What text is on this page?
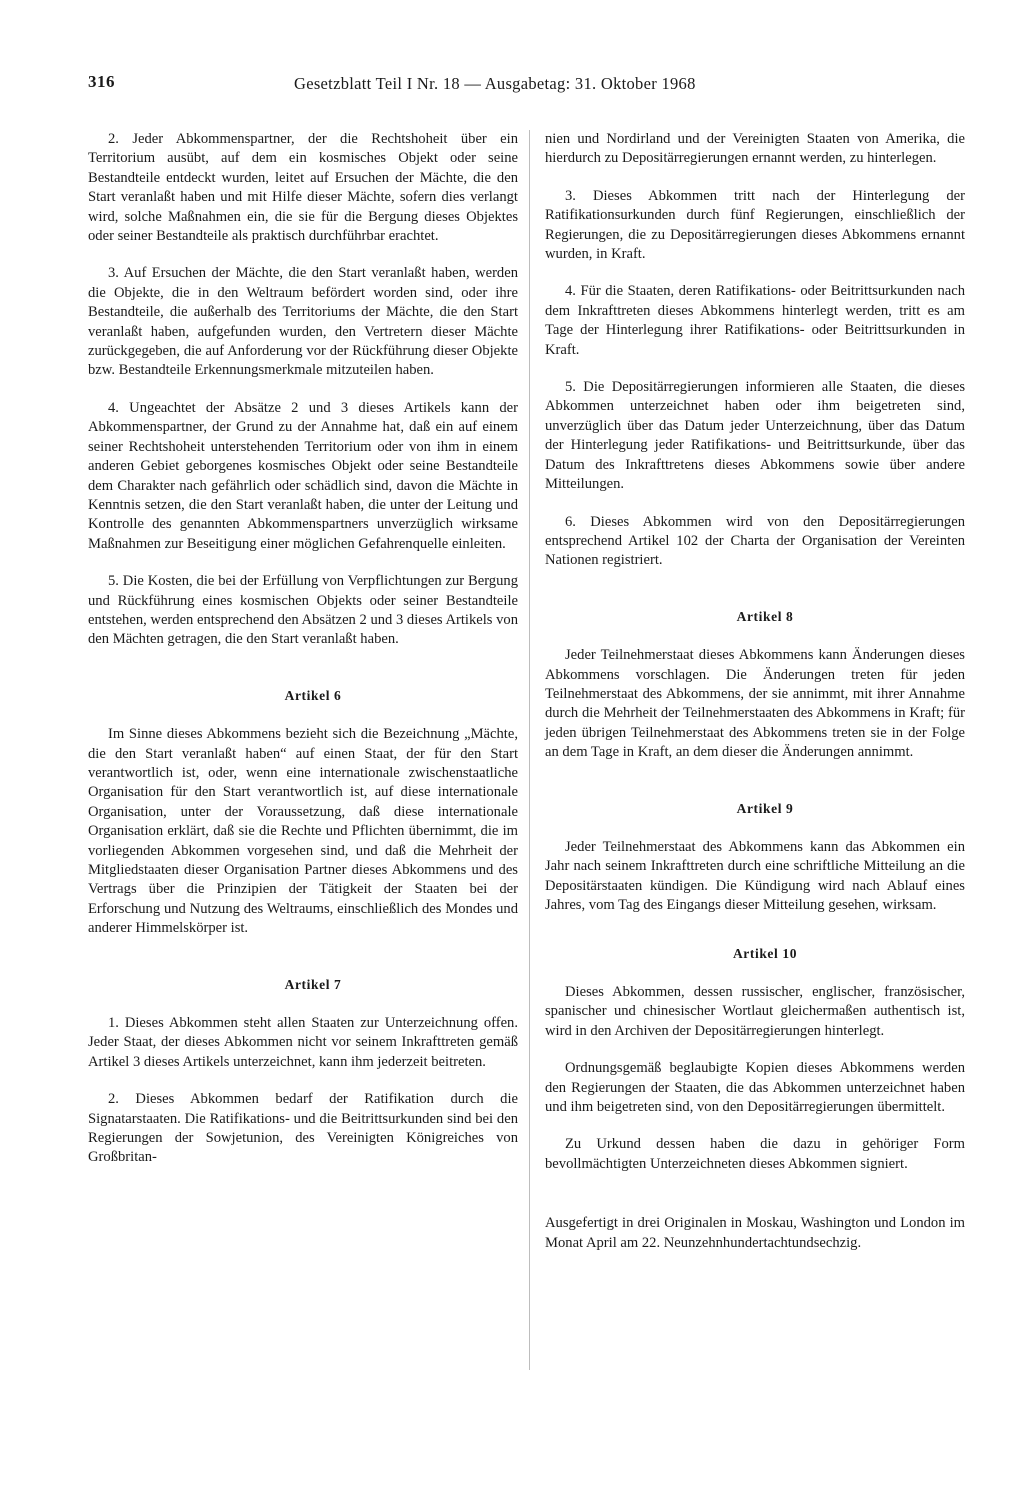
316	Gesetzblatt Teil I Nr. 18 — Ausgabetag: 31. Oktober 1968

2. Jeder Abkommenspartner, der die Rechtshoheit über ein Territorium ausübt, auf dem ein kosmisches Objekt oder seine Bestandteile entdeckt wurden, leitet auf Ersuchen der Mächte, die den Start veranlaßt haben und mit Hilfe dieser Mächte, sofern dies verlangt wird, solche Maßnahmen ein, die sie für die Bergung dieses Objektes oder seiner Bestandteile als praktisch durchführbar erachtet.

3. Auf Ersuchen der Mächte, die den Start veranlaßt haben, werden die Objekte, die in den Weltraum befördert worden sind, oder ihre Bestandteile, die außerhalb des Territoriums der Mächte, die den Start veranlaßt haben, aufgefunden wurden, den Vertretern dieser Mächte zurückgegeben, die auf Anforderung vor der Rückführung dieser Objekte bzw. Bestandteile Erkennungsmerkmale mitzuteilen haben.

4. Ungeachtet der Absätze 2 und 3 dieses Artikels kann der Abkommenspartner, der Grund zu der Annahme hat, daß ein auf einem seiner Rechtshoheit unterstehenden Territorium oder von ihm in einem anderen Gebiet geborgenes kosmisches Objekt oder seine Bestandteile dem Charakter nach gefährlich oder schädlich sind, davon die Mächte in Kenntnis setzen, die den Start veranlaßt haben, die unter der Leitung und Kontrolle des genannten Abkommenspartners unverzüglich wirksame Maßnahmen zur Beseitigung einer möglichen Gefahrenquelle einleiten.

5. Die Kosten, die bei der Erfüllung von Verpflichtungen zur Bergung und Rückführung eines kosmischen Objekts oder seiner Bestandteile entstehen, werden entsprechend den Absätzen 2 und 3 dieses Artikels von den Mächten getragen, die den Start veranlaßt haben.

Artikel 6

Im Sinne dieses Abkommens bezieht sich die Bezeichnung „Mächte, die den Start veranlaßt haben“ auf einen Staat, der für den Start verantwortlich ist, oder, wenn eine internationale zwischenstaatliche Organisation für den Start verantwortlich ist, auf diese internationale Organisation, unter der Voraussetzung, daß diese internationale Organisation erklärt, daß sie die Rechte und Pflichten übernimmt, die im vorliegenden Abkommen vorgesehen sind, und daß die Mehrheit der Mitgliedstaaten dieser Organisation Partner dieses Abkommens und des Vertrags über die Prinzipien der Tätigkeit der Staaten bei der Erforschung und Nutzung des Weltraums, einschließlich des Mondes und anderer Himmelskörper ist.

Artikel 7

1. Dieses Abkommen steht allen Staaten zur Unterzeichnung offen. Jeder Staat, der dieses Abkommen nicht vor seinem Inkrafttreten gemäß Artikel 3 dieses Artikels unterzeichnet, kann ihm jederzeit beitreten.

2. Dieses Abkommen bedarf der Ratifikation durch die Signatarstaaten. Die Ratifikations- und die Beitrittsurkunden sind bei den Regierungen der Sowjetunion, des Vereinigten Königreiches von Großbritan-

nien und Nordirland und der Vereinigten Staaten von Amerika, die hierdurch zu Depositärregierungen ernannt werden, zu hinterlegen.

3. Dieses Abkommen tritt nach der Hinterlegung der Ratifikationsurkunden durch fünf Regierungen, einschließlich der Regierungen, die zu Depositärregierungen dieses Abkommens ernannt wurden, in Kraft.

4. Für die Staaten, deren Ratifikations- oder Beitrittsurkunden nach dem Inkrafttreten dieses Abkommens hinterlegt werden, tritt es am Tage der Hinterlegung ihrer Ratifikations- oder Beitrittsurkunden in Kraft.

5. Die Depositärregierungen informieren alle Staaten, die dieses Abkommen unterzeichnet haben oder ihm beigetreten sind, unverzüglich über das Datum jeder Unterzeichnung, über das Datum der Hinterlegung jeder Ratifikations- und Beitrittsurkunde, über das Datum des Inkrafttretens dieses Abkommens sowie über andere Mitteilungen.

6. Dieses Abkommen wird von den Depositärregierungen entsprechend Artikel 102 der Charta der Organisation der Vereinten Nationen registriert.

Artikel 8

Jeder Teilnehmerstaat dieses Abkommens kann Änderungen dieses Abkommens vorschlagen. Die Änderungen treten für jeden Teilnehmerstaat des Abkommens, der sie annimmt, mit ihrer Annahme durch die Mehrheit der Teilnehmerstaaten des Abkommens in Kraft; für jeden übrigen Teilnehmerstaat des Abkommens treten sie in der Folge an dem Tage in Kraft, an dem dieser die Änderungen annimmt.

Artikel 9

Jeder Teilnehmerstaat des Abkommens kann das Abkommen ein Jahr nach seinem Inkrafttreten durch eine schriftliche Mitteilung an die Depositärstaaten kündigen. Die Kündigung wird nach Ablauf eines Jahres, vom Tag des Eingangs dieser Mitteilung gesehen, wirksam.

Artikel 10

Dieses Abkommen, dessen russischer, englischer, französischer, spanischer und chinesischer Wortlaut gleichermaßen authentisch ist, wird in den Archiven der Depositärregierungen hinterlegt.

Ordnungsgemäß beglaubigte Kopien dieses Abkommens werden den Regierungen der Staaten, die das Abkommen unterzeichnet haben und ihm beigetreten sind, von den Depositärregierungen übermittelt.

Zu Urkund dessen haben die dazu in gehöriger Form bevollmächtigten Unterzeichneten dieses Abkommen signiert.

Ausgefertigt in drei Originalen in Moskau, Washington und London im Monat April am 22. Neunzehnhundertachtundsechzig.
